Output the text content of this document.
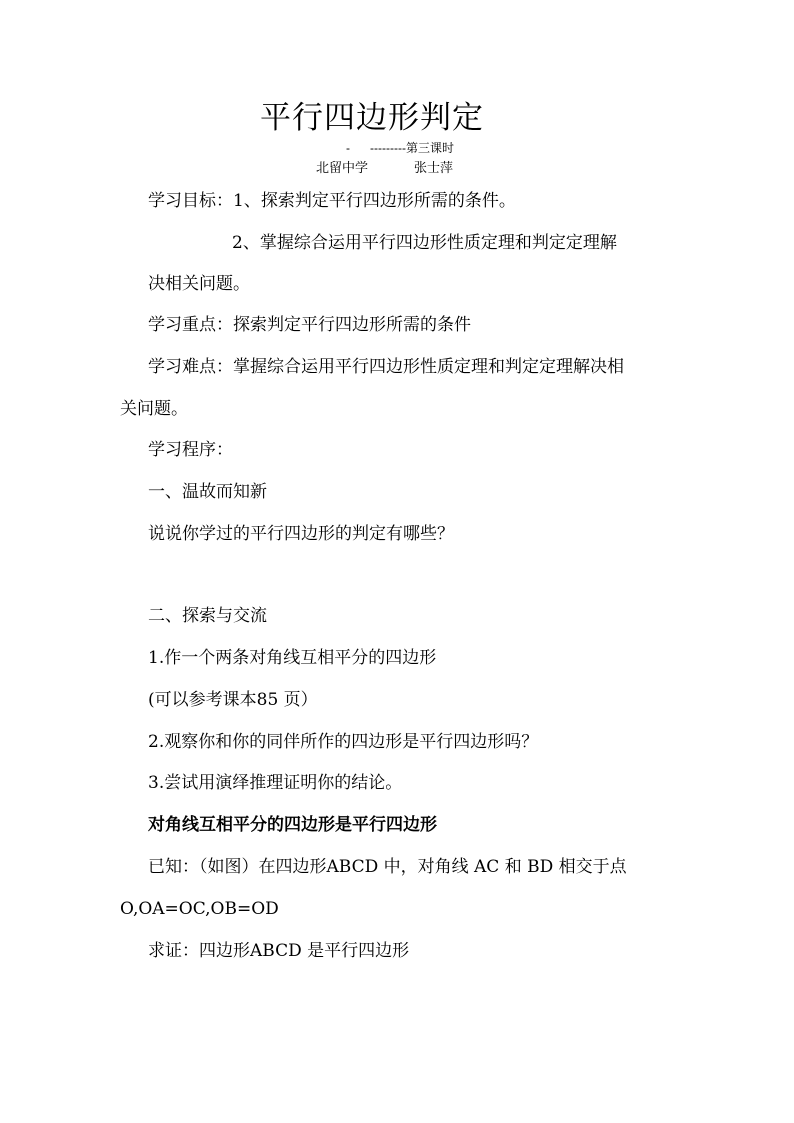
平行四边形判定
- ---------第三课时
北留中学	张士萍
学习目标：1、探索判定平行四边形所需的条件。
2、掌握综合运用平行四边形性质定理和判定定理解
决相关问题。
学习重点：探索判定平行四边形所需的条件
学习难点：掌握综合运用平行四边形性质定理和判定定理解决相
关问题。
学习程序：
一、温故而知新
说说你学过的平行四边形的判定有哪些？
二、探索与交流
1.作一个两条对角线互相平分的四边形
(可以参考课本85 页）
2.观察你和你的同伴所作的四边形是平行四边形吗？
3.尝试用演绎推理证明你的结论。
对角线互相平分的四边形是平行四边形
已知：（如图）在四边形ABCD 中，对角线 AC 和 BD 相交于点
O,OA=OC,OB=OD
求证：四边形ABCD 是平行四边形
